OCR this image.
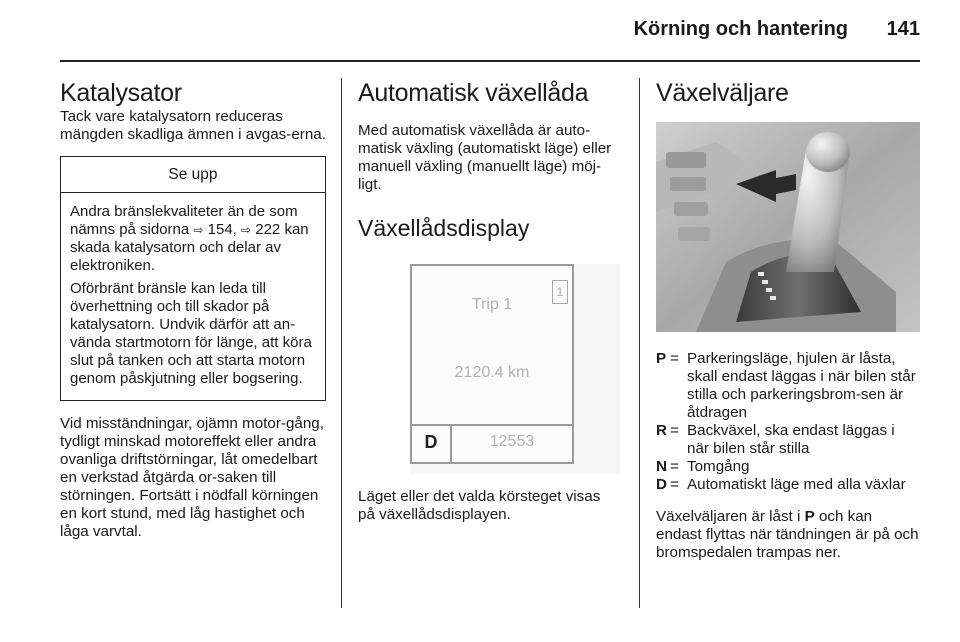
Körning och hantering	141
Katalysator

Tack vare katalysatorn reduceras mängden skadliga ämnen i avgas-erna.

Se upp

Andra bränslekvaliteter än de som nämns på sidorna ⇨ 154, ⇨ 222 kan skada katalysatorn och delar av elektroniken.

Oförbränt bränsle kan leda till överhettning och till skador på katalysatorn. Undvik därför att an-vända startmotorn för länge, att köra slut på tanken och att starta motorn genom påskjutning eller bogsering.

Vid misständningar, ojämn motor-gång, tydligt minskad motoreffekt eller andra ovanliga driftstörningar, låt omedelbart en verkstad åtgärda or-saken till störningen. Fortsätt i nödfall körningen en kort stund, med låg hastighet och låga varvtal.

Automatisk växellåda

Med automatisk växellåda är auto-matisk växling (automatiskt läge) eller manuell växling (manuellt läge) möj-ligt.

Växellådsdisplay
1
Trip 1
2120.4 km
D	12553

Läget eller det valda körsteget visas på växellådsdisplayen.

Växelväljare
P = Parkeringsläge, hjulen är låsta, skall endast läggas i när bilen står stilla och parkeringsbrom-sen är åtdragen
R = Backväxel, ska endast läggas i när bilen står stilla
N = Tomgång
D = Automatiskt läge med alla växlar

Växelväljaren är låst i P och kan endast flyttas när tändningen är på och bromspedalen trampas ner.
